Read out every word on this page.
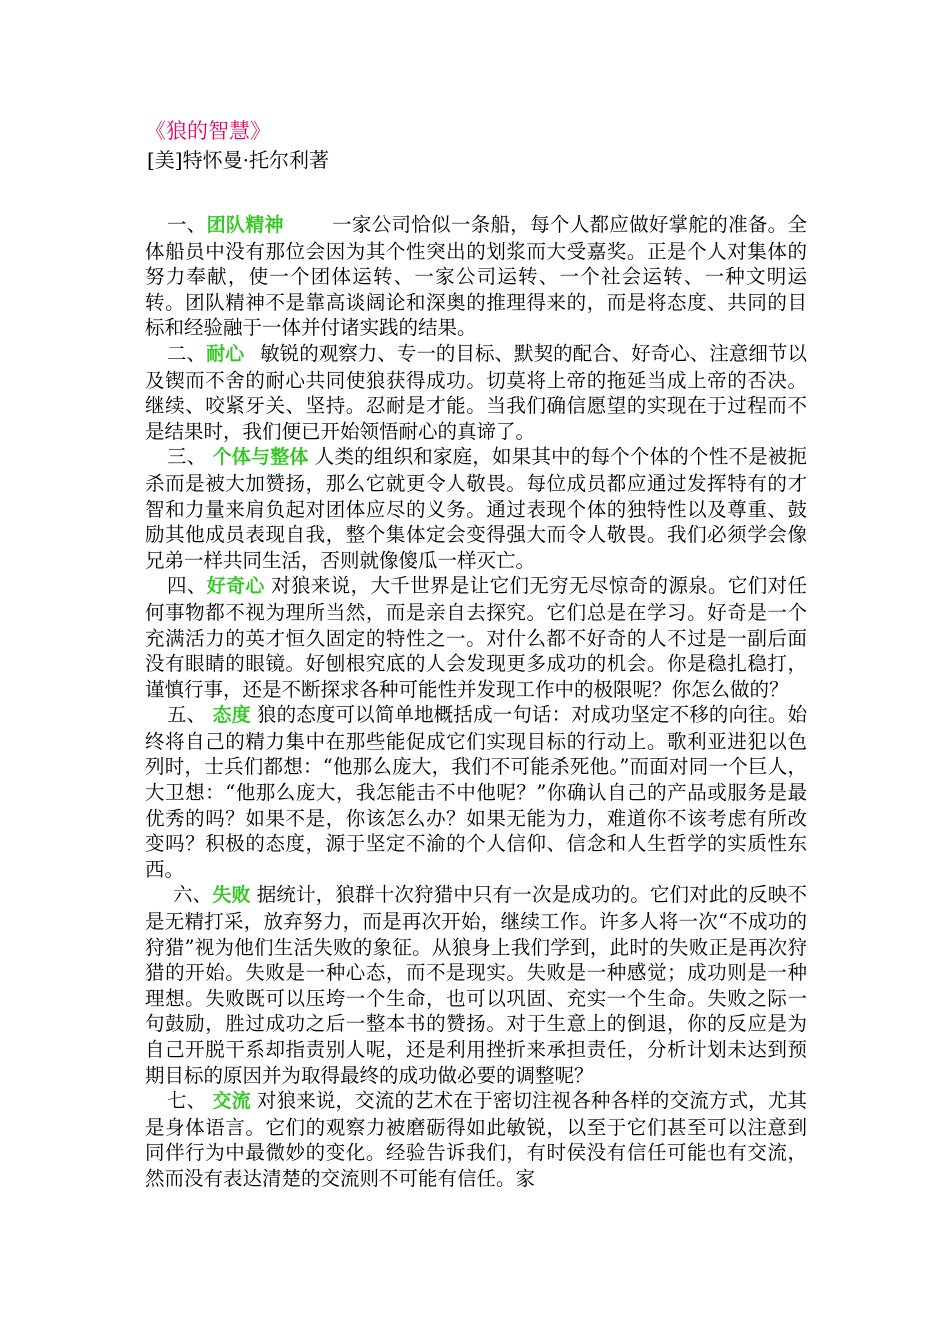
《狼的智慧》
[美]特怀曼·托尔利著

一、团队精神 一家公司恰似一条船，每个人都应做好掌舵的准备。全体船员中没有那位会因为其个性突出的划浆而大受嘉奖。正是个人对集体的努力奉献，使一个团体运转、一家公司运转、一个社会运转、一种文明运转。团队精神不是靠高谈阔论和深奥的推理得来的，而是将态度、共同的目标和经验融于一体并付诸实践的结果。

二、耐心 敏锐的观察力、专一的目标、默契的配合、好奇心、注意细节以及锲而不舍的耐心共同使狼获得成功。切莫将上帝的拖延当成上帝的否决。继续、咬紧牙关、坚持。忍耐是才能。当我们确信愿望的实现在于过程而不是结果时，我们便已开始领悟耐心的真谛了。

三、 个体与整体 人类的组织和家庭，如果其中的每个个体的个性不是被扼杀而是被大加赞扬，那么它就更令人敬畏。每位成员都应通过发挥特有的才智和力量来肩负起对团体应尽的义务。通过表现个体的独特性以及尊重、鼓励其他成员表现自我，整个集体定会变得强大而令人敬畏。我们必须学会像兄弟一样共同生活，否则就像傻瓜一样灭亡。

四、好奇心 对狼来说，大千世界是让它们无穷无尽惊奇的源泉。它们对任何事物都不视为理所当然，而是亲自去探究。它们总是在学习。好奇是一个充满活力的英才恒久固定的特性之一。对什么都不好奇的人不过是一副后面没有眼睛的眼镜。好刨根究底的人会发现更多成功的机会。你是稳扎稳打，谨慎行事，还是不断探求各种可能性并发现工作中的极限呢？你怎么做的？

五、 态度 狼的态度可以简单地概括成一句话：对成功坚定不移的向往。始终将自己的精力集中在那些能促成它们实现目标的行动上。歌利亚进犯以色列时，士兵们都想：“他那么庞大，我们不可能杀死他。”而面对同一个巨人，大卫想：“他那么庞大，我怎能击不中他呢？”你确认自己的产品或服务是最优秀的吗？如果不是，你该怎么办？如果无能为力，难道你不该考虑有所改变吗？积极的态度，源于坚定不渝的个人信仰、信念和人生哲学的实质性东西。

六、失败 据统计，狼群十次狩猎中只有一次是成功的。它们对此的反映不是无精打采，放弃努力，而是再次开始，继续工作。许多人将一次“不成功的狩猎”视为他们生活失败的象征。从狼身上我们学到，此时的失败正是再次狩猎的开始。失败是一种心态，而不是现实。失败是一种感觉；成功则是一种理想。失败既可以压垮一个生命，也可以巩固、充实一个生命。失败之际一句鼓励，胜过成功之后一整本书的赞扬。对于生意上的倒退，你的反应是为自己开脱干系却指责别人呢，还是利用挫折来承担责任，分析计划未达到预期目标的原因并为取得最终的成功做必要的调整呢？

七、 交流 对狼来说，交流的艺术在于密切注视各种各样的交流方式，尤其是身体语言。它们的观察力被磨砺得如此敏锐，以至于它们甚至可以注意到同伴行为中最微妙的变化。经验告诉我们，有时侯没有信任可能也有交流，然而没有表达清楚的交流则不可能有信任。家
